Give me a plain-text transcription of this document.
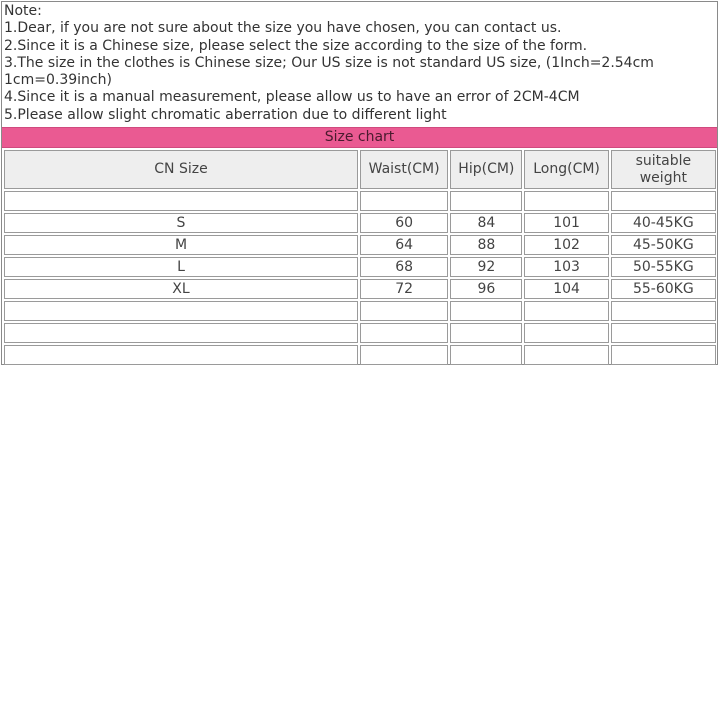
Note:
1.Dear, if you are not sure about the size you have chosen, you can contact us.
2.Since it is a Chinese size, please select the size according to the size of the form.
3.The size in the clothes is Chinese size; Our US size is not standard US size, (1Inch=2.54cm
1cm=0.39inch)
4.Since it is a manual measurement, please allow us to have an error of 2CM-4CM
5.Please allow slight chromatic aberration due to different light
Size chart
CN Size	Waist(CM)	Hip(CM)	Long(CM)	suitable weight

S	60	84	101	40-45KG
M	64	88	102	45-50KG
L	68	92	103	50-55KG
XL	72	96	104	55-60KG
